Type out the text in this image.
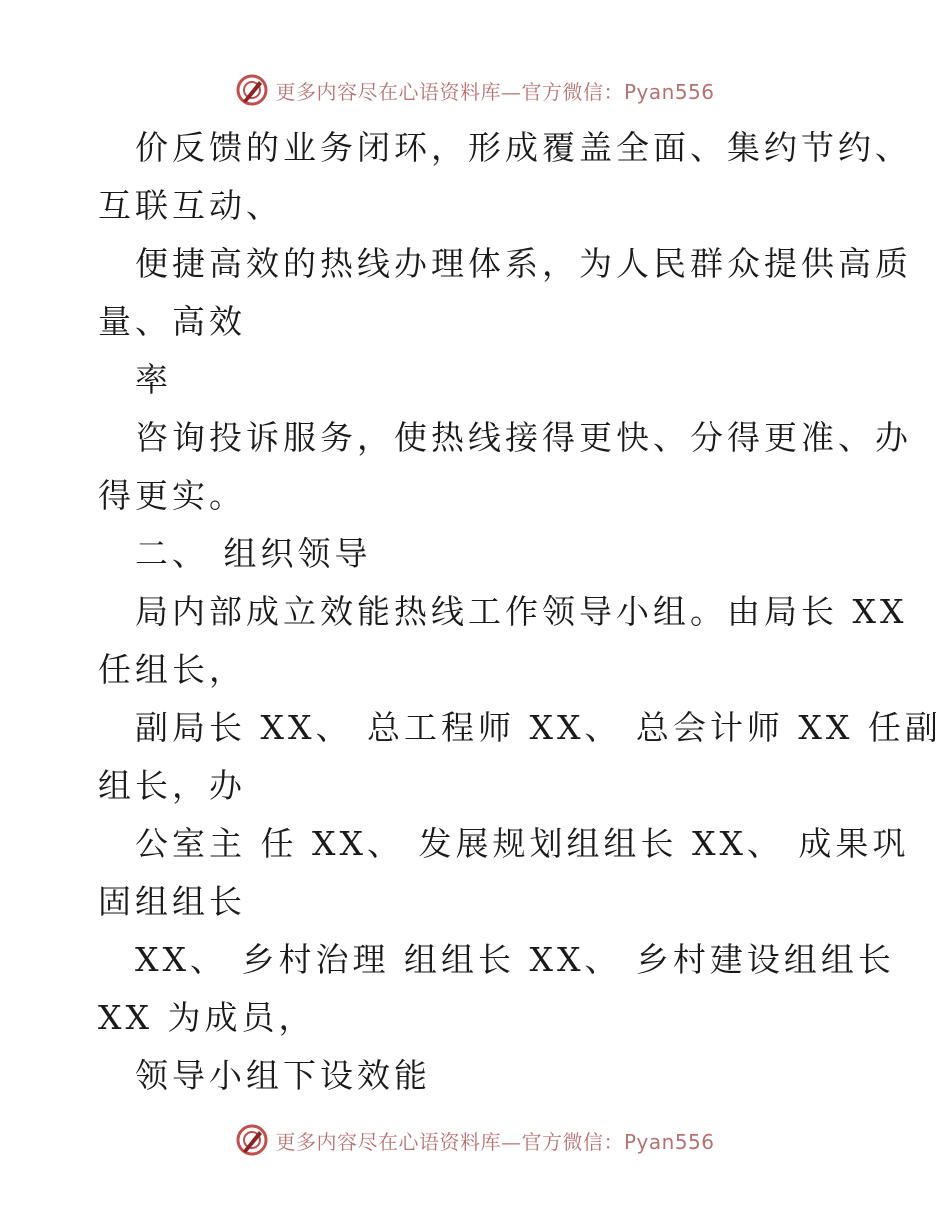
更多内容尽在心语资料库—官方微信：Pyan556
价反馈的业务闭环，形成覆盖全面、集约节约、
互联互动、
便捷高效的热线办理体系，为人民群众提供高质
量、高效
率
咨询投诉服务，使热线接得更快、分得更准、办
得更实。
二、 组织领导
局内部成立效能热线工作领导小组。由局长 XX
任组长，
副局长 XX、 总工程师 XX、 总会计师 XX 任副
组长，办
公室主 任 XX、 发展规划组组长 XX、 成果巩
固组组长
XX、 乡村治理 组组长 XX、 乡村建设组组长
XX 为成员，
领导小组下设效能
更多内容尽在心语资料库—官方微信：Pyan556
